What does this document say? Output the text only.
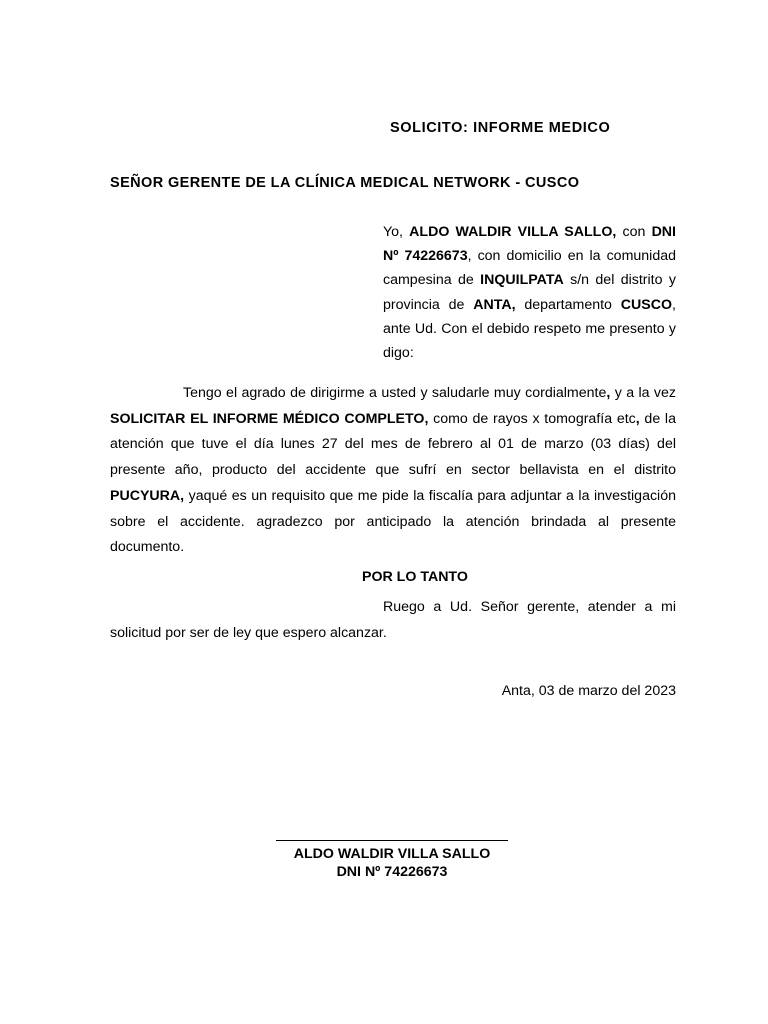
SOLICITO: INFORME MEDICO
SEÑOR GERENTE DE LA CLÍNICA MEDICAL NETWORK - CUSCO
Yo, ALDO WALDIR VILLA SALLO, con DNI Nº 74226673, con domicilio en la comunidad campesina de INQUILPATA s/n del distrito y provincia de ANTA, departamento CUSCO, ante Ud. Con el debido respeto me presento y digo:
Tengo el agrado de dirigirme a usted y saludarle muy cordialmente, y a la vez SOLICITAR EL INFORME MÉDICO COMPLETO, como de rayos x tomografía etc, de la atención que tuve el día lunes 27 del mes de febrero al 01 de marzo (03 días) del presente año, producto del accidente que sufrí en sector bellavista en el distrito PUCYURA, yaqué es un requisito que me pide la fiscalía para adjuntar a la investigación sobre el accidente. agradezco por anticipado la atención brindada al presente documento.
POR LO TANTO
Ruego a Ud. Señor gerente, atender a mi solicitud por ser de ley que espero alcanzar.
Anta, 03 de marzo del 2023
ALDO WALDIR VILLA SALLO
DNI Nº 74226673
